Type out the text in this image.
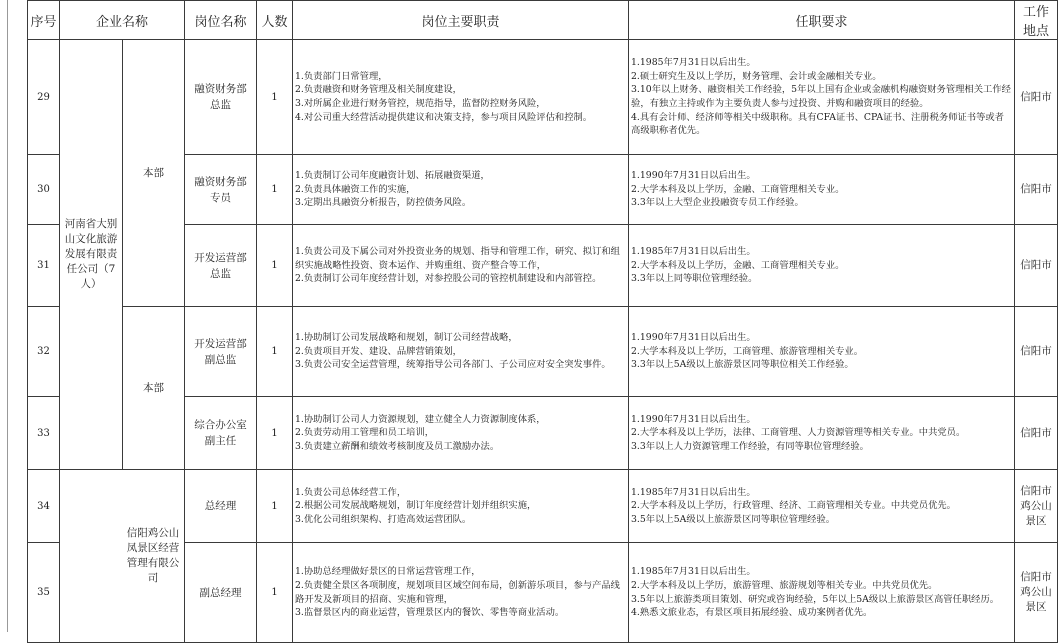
序号	企业名称		岗位名称	人数	岗位主要职责	任职要求	工作地点
29	河南省大别山文化旅游发展有限责任公司（7人）	本部	融资财务部总监	1	1.负责部门日常管理，
2.负责融资和财务管理及相关制度建设，
3.对所属企业进行财务管控，规范指导，监督防控财务风险，
4.对公司重大经营活动提供建议和决策支持，参与项目风险评估和控制。	1.1985年7月31日以后出生。
2.硕士研究生及以上学历，财务管理、会计或金融相关专业。
3.10年以上财务、融资相关工作经验，5年以上国有企业或金融机构融资财务管理相关工作经验，有独立主持或作为主要负责人参与过投资、并购和融资项目的经验。
4.具有会计师、经济师等相关中级职称。具有CFA证书、CPA证书、注册税务师证书等或者高级职称者优先。	信阳市
30			融资财务部专员	1	1.负责制订公司年度融资计划、拓展融资渠道，
2.负责具体融资工作的实施，
3.定期出具融资分析报告，防控债务风险。	1.1990年7月31日以后出生。
2.大学本科及以上学历，金融、工商管理相关专业。
3.3年以上大型企业投融资专员工作经验。	信阳市
31			开发运营部总监	1	1.负责公司及下属公司对外投资业务的规划、指导和管理工作，研究、拟订和组织实施战略性投资、资本运作、并购重组、资产整合等工作，
2.负责制订公司年度经营计划，对参控股公司的管控机制建设和内部管控。	1.1985年7月31日以后出生。
2.大学本科及以上学历，金融、工商管理相关专业。
3.3年以上同等职位管理经验。	信阳市
32		本部	开发运营部副总监	1	1.协助制订公司发展战略和规划，制订公司经营战略，
2.负责项目开发、建设、品牌营销策划，
3.负责公司安全运营管理，统筹指导公司各部门、子公司应对安全突发事件。	1.1990年7月31日以后出生。
2.大学本科及以上学历，工商管理、旅游管理相关专业。
3.3年以上5A级以上旅游景区同等职位相关工作经验。	信阳市
33			综合办公室副主任	1	1.协助制订公司人力资源规划，建立健全人力资源制度体系，
2.负责劳动用工管理和员工培训，
3.负责建立薪酬和绩效考核制度及员工激励办法。	1.1990年7月31日以后出生。
2.大学本科及以上学历，法律、工商管理、人力资源管理等相关专业。中共党员。
3.3年以上人力资源管理工作经验，有同等职位管理经验。	信阳市
34	信阳鸡公山凤景区经营管理有限公司		总经理	1	1.负责公司总体经营工作，
2.根据公司发展战略规划，制订年度经营计划并组织实施，
3.优化公司组织架构、打造高效运营团队。	1.1985年7月31日以后出生。
2.大学本科及以上学历，行政管理、经济、工商管理相关专业。中共党员优先。
3.5年以上5A级以上旅游景区同等职位管理经验。	信阳市鸡公山景区
35			副总经理	1	1.协助总经理做好景区的日常运营管理工作，
2.负责健全景区各项制度，规划项目区域空间布局，创新游乐项目，参与产品线路开发及新项目的招商、实施和管理，
3.监督景区内的商业运营，管理景区内的餐饮、零售等商业活动。	1.1985年7月31日以后出生。
2.大学本科及以上学历，旅游管理、旅游规划等相关专业。中共党员优先。
3.5年以上旅游类项目策划、研究或咨询经验，5年以上5A级以上旅游景区高管任职经历。
4.熟悉文旅业态，有景区项目拓展经验、成功案例者优先。	信阳市鸡公山景区
